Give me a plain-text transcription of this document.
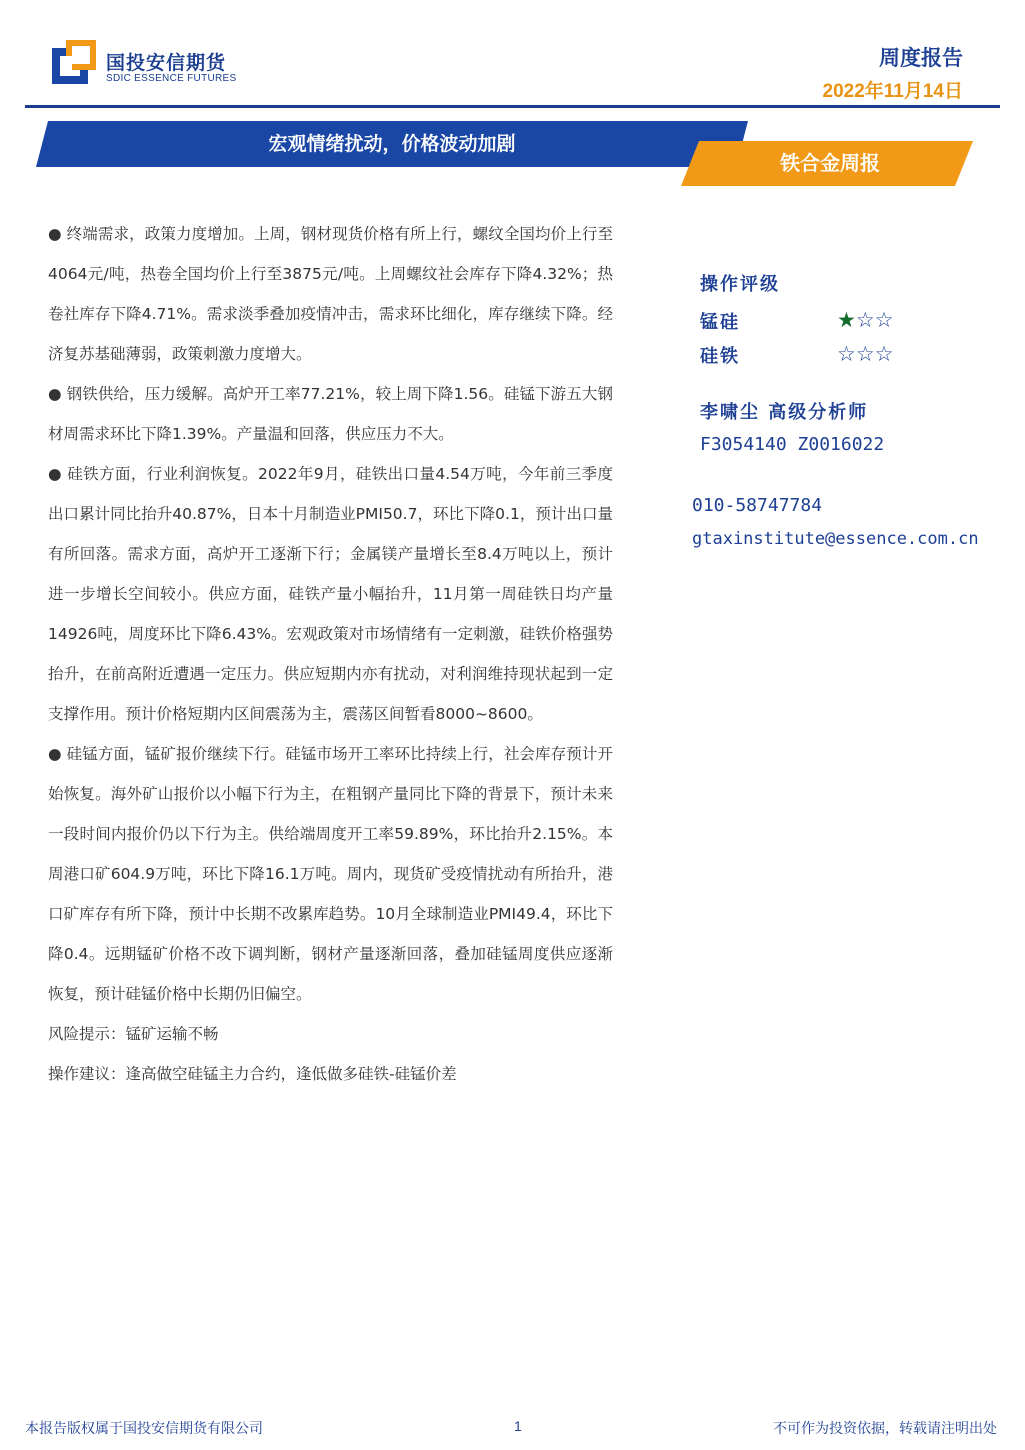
国投安信期货
SDIC ESSENCE FUTURES
周度报告
2022年11月14日
宏观情绪扰动，价格波动加剧
铁合金周报

● 终端需求，政策力度增加。上周，钢材现货价格有所上行，螺纹全国均价上行至4064元/吨，热卷全国均价上行至3875元/吨。上周螺纹社会库存下降4.32%；热卷社库存下降4.71%。需求淡季叠加疫情冲击，需求环比细化，库存继续下降。经济复苏基础薄弱，政策刺激力度增大。

● 钢铁供给，压力缓解。高炉开工率77.21%，较上周下降1.56。硅锰下游五大钢材周需求环比下降1.39%。产量温和回落，供应压力不大。

● 硅铁方面，行业利润恢复。2022年9月，硅铁出口量4.54万吨，今年前三季度出口累计同比抬升40.87%，日本十月制造业PMI50.7，环比下降0.1，预计出口量有所回落。需求方面，高炉开工逐渐下行；金属镁产量增长至8.4万吨以上，预计进一步增长空间较小。供应方面，硅铁产量小幅抬升，11月第一周硅铁日均产量14926吨，周度环比下降6.43%。宏观政策对市场情绪有一定刺激，硅铁价格强势抬升，在前高附近遭遇一定压力。供应短期内亦有扰动，对利润维持现状起到一定支撑作用。预计价格短期内区间震荡为主，震荡区间暂看8000~8600。

● 硅锰方面，锰矿报价继续下行。硅锰市场开工率环比持续上行，社会库存预计开始恢复。海外矿山报价以小幅下行为主，在粗钢产量同比下降的背景下，预计未来一段时间内报价仍以下行为主。供给端周度开工率59.89%，环比抬升2.15%。本周港口矿604.9万吨，环比下降16.1万吨。周内，现货矿受疫情扰动有所抬升，港口矿库存有所下降，预计中长期不改累库趋势。10月全球制造业PMI49.4，环比下降0.4。远期锰矿价格不改下调判断，钢材产量逐渐回落，叠加硅锰周度供应逐渐恢复，预计硅锰价格中长期仍旧偏空。

风险提示：锰矿运输不畅

操作建议：逢高做空硅锰主力合约，逢低做多硅铁-硅锰价差

操作评级
锰硅	★☆☆
硅铁	☆☆☆
李啸尘 高级分析师
F3054140 Z0016022
010-58747784
gtaxinstitute@essence.com.cn
本报告版权属于国投安信期货有限公司	1	不可作为投资依据，转载请注明出处
